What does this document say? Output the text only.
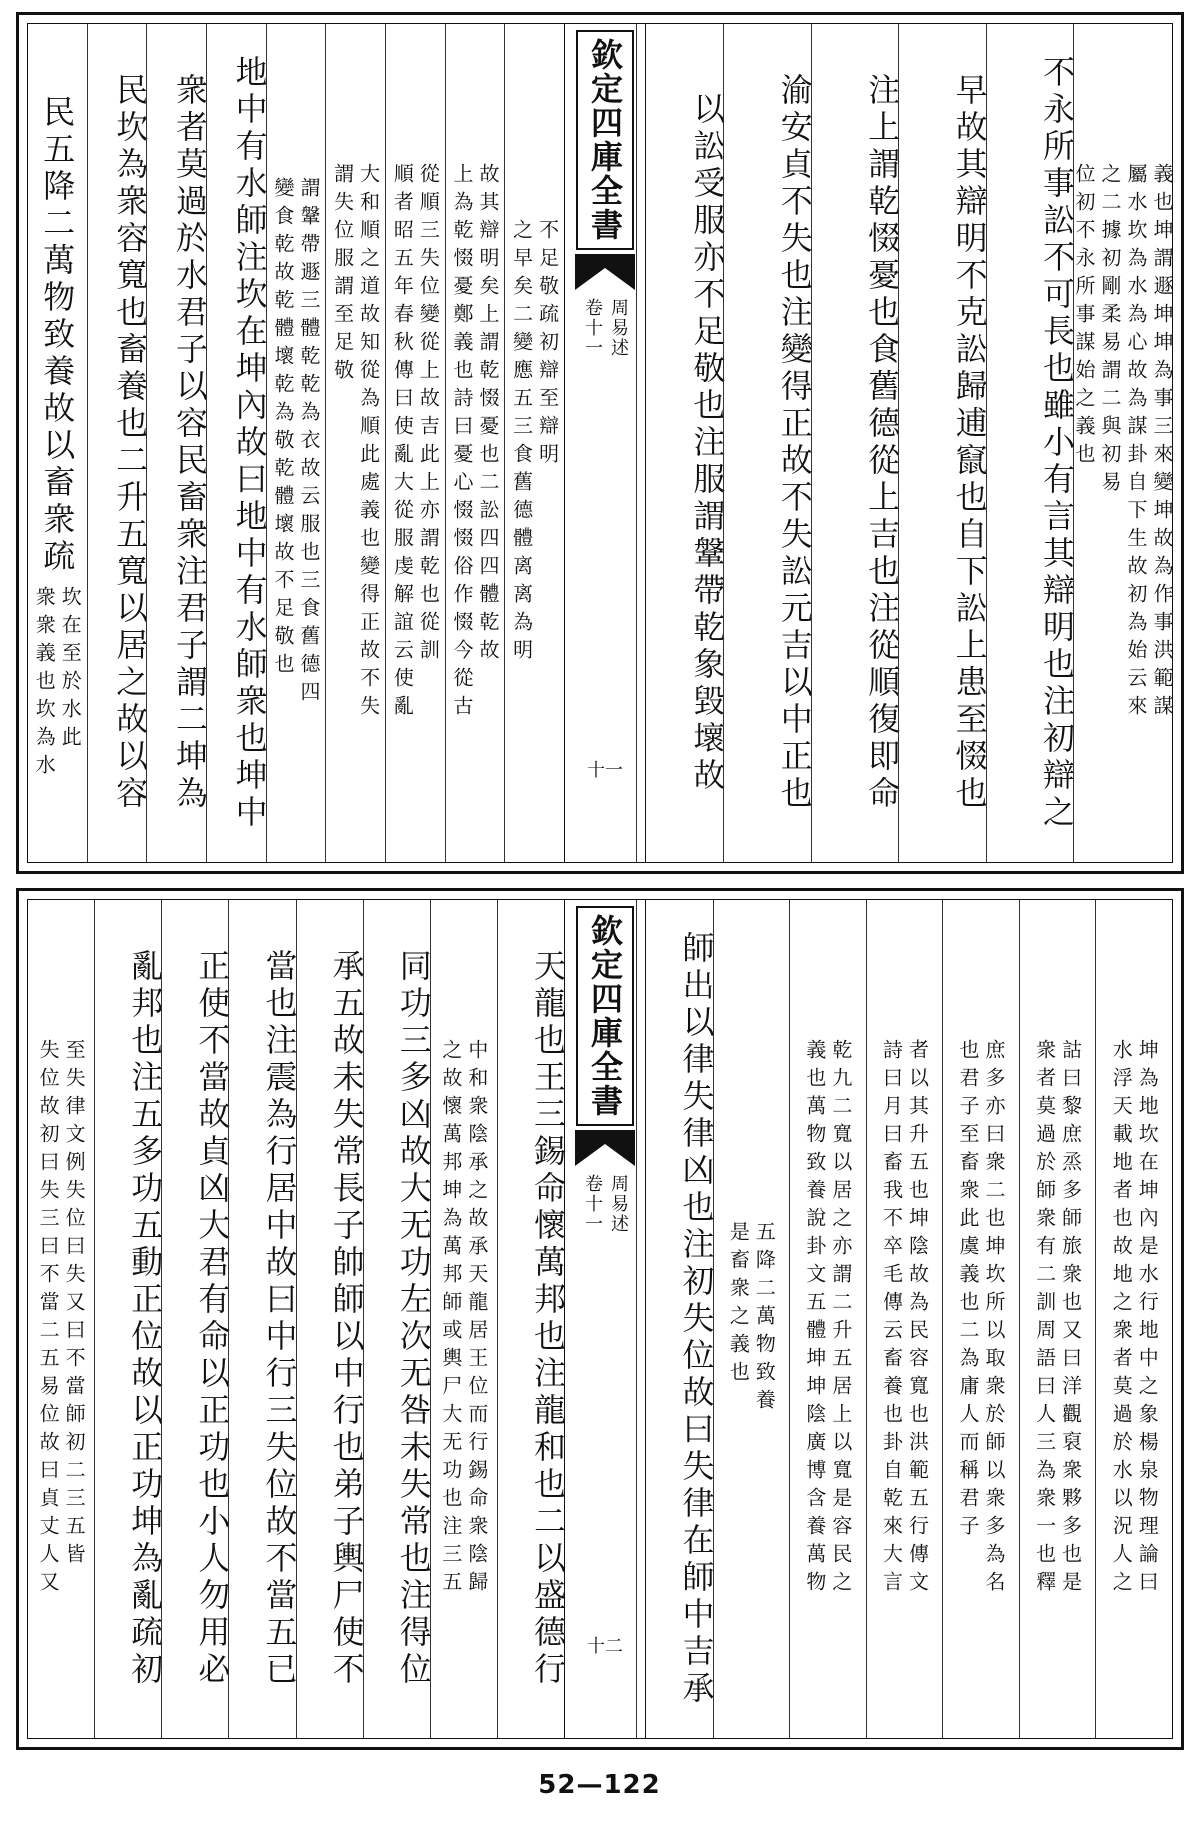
義也坤謂遯坤坤為事三來變坤故為作事洪範謀
屬水坎為水為心故為謀卦自下生故初為始云來
之二據初剛柔易謂二與初易
位初不永所事謀始之義也
不永所事訟不可長也雖小有言其辯明也注初辯之
早故其辯明不克訟歸逋竄也自下訟上患至惙也
注上謂乾惙憂也食舊德從上吉也注從順復即命
渝安貞不失也注變得正故不失訟元吉以中正也
以訟受服亦不足敬也注服謂鞶帶乾象毀壞故
欽定四庫全書
周易述
卷十一
十一
不足敬疏初辯至辯明
之早矣二變應五三食舊德體离离為明
故其辯明矣上謂乾惙憂也二訟四四體乾故
上為乾惙憂鄭義也詩曰憂心惙惙俗作惙今從古
從順三失位變從上故吉此上亦謂乾也從訓
順者昭五年春秋傳曰使亂大從服虔解誼云使亂
大和順之道故知從為順此處義也變得正故不失
謂失位服謂至足敬
謂鞶帶遯三體乾乾為衣故云服也三食舊德四
變食乾故乾體壞乾為敬乾體壞故不足敬也
地中有水師注坎在坤內故曰地中有水師衆也坤中
衆者莫過於水君子以容民畜衆注君子謂二坤為
民坎為衆容寬也畜養也二升五寬以居之故以容
民五降二萬物致養故以畜衆疏
坎在至於水此
衆衆義也坎為水
坤為地坎在坤內是水行地中之象楊泉物理論曰
水浮天載地者也故地之衆者莫過於水以況人之
詁曰黎庶烝多師旅衆也又曰洋觀裒衆夥多也是
衆者莫過於師衆有二訓周語曰人三為衆一也釋
庶多亦曰衆二也坤坎所以取衆於師以衆多為名
也君子至畜衆此虞義也二為庸人而稱君子
者以其升五也坤陰故為民容寬也洪範五行傳文
詩曰月曰畜我不卒毛傳云畜養也卦自乾來大言
乾九二寬以居之亦謂二升五居上以寬是容民之
義也萬物致養說卦文五體坤坤陰廣博含養萬物
五降二萬物致養
是畜衆之義也
師出以律失律凶也注初失位故曰失律在師中吉承
欽定四庫全書
周易述
卷十一
十二
天龍也王三錫命懷萬邦也注龍和也二以盛德行
中和衆陰承之故承天龍居王位而行錫命衆陰歸
之故懷萬邦坤為萬邦師或輿尸大无功也注三五
同功三多凶故大无功左次无咎未失常也注得位
承五故未失常長子帥師以中行也弟子輿尸使不
當也注震為行居中故曰中行三失位故不當五已
正使不當故貞凶大君有命以正功也小人勿用必
亂邦也注五多功五動正位故以正功坤為亂疏初
至失律文例失位曰失又曰不當師初二三五皆
失位故初曰失三曰不當二五易位故曰貞丈人又
52—122
